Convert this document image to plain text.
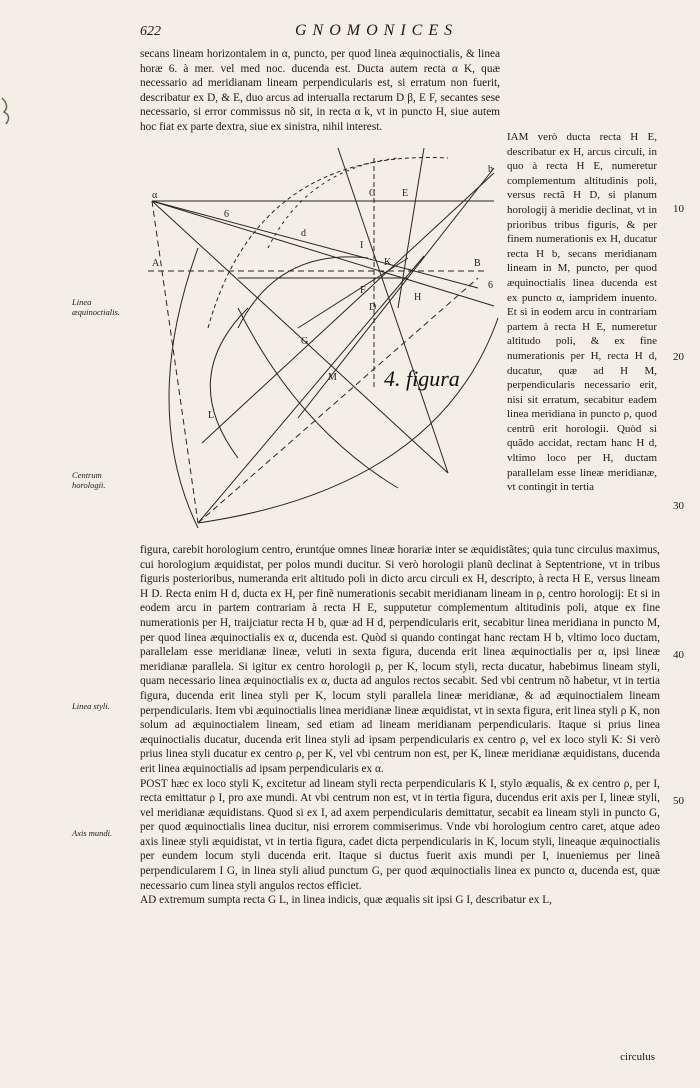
622	GNOMONICES
secans lineam horizontalem in α, puncto, per quod linea æquinoctialis, & linea horæ 6. à mer. vel med noc. ducenda est. Ducta autem recta α K, quæ necessario ad meridianam lineam perpendicularis est, si erratum non fuerit, describatur ex D, & E, duo arcus ad interualla rectarum D β, E F, secantes sese necessario, si error commissus nõ sit, in recta α k, vt in puncto H, siue autem hoc fiat ex parte dextra, siue ex sinistra, nihil interest.
α
A	B
C	E
D
F
H
K
G
M
L
I
b
d
6
6
4. figura
IAM verò ducta recta H E, describatur ex H, arcus circuli, in quo à recta H E, numeretur complementum altitudinis poli, versus rectã H D, si planum horologij à meridie declinat, vt in prioribus tribus figuris, & per finem numerationis ex H, ducatur recta H b, secans meridianam lineam in M, puncto, per quod æquinoctialis linea ducenda est ex puncto α, iampridem inuento. Et si in eodem arcu in contrariam partem à recta H E, numeretur altitudo poli, & ex fine numerationis per H, recta H d, ducatur, quæ ad H M, perpendicularis necessario erit, nisi sit erratum, secabitur eadem linea meridiana in puncto ρ, quod centrũ erit horologii. Quòd si quãdo accidat, rectam hanc H d, vltimo loco per H, ductam parallelam esse lineæ meridianæ, vt contingit in tertia
figura, carebit horologium centro, eruntq́ue omnes lineæ horariæ inter se æquidistãtes; quia tunc circulus maximus, cui horologium æquidistat, per polos mundi ducitur. Si verò horologii planũ declinat à Septentrione, vt in tribus figuris posterioribus, numeranda erit altitudo poli in dicto arcu circuli ex H, descripto, à recta H E, versus lineam H D. Recta enim H d, ducta ex H, per finẽ numerationis secabit meridianam lineam in ρ, centro horologij: Et si in eodem arcu in partem contrariam à recta H E, supputetur complementum altitudinis poli, atque ex fine numerationis per H, traijciatur recta H b, quæ ad H d, perpendicularis erit, secabitur linea meridiana in puncto M, per quod linea æquinoctialis ex α, ducenda est. Quòd si quando contingat hanc rectam H b, vltimo loco ductam, parallelam esse meridianæ lineæ, veluti in sexta figura, ducenda erit linea æquinoctialis per α, ipsi lineæ meridianæ parallela. Si igitur ex centro horologii ρ, per K, locum styli, recta ducatur, habebimus lineam styli, quam necessario linea æquinoctialis ex α, ducta ad angulos rectos secabit. Sed vbi centrum nõ habetur, vt in tertia figura, ducenda erit linea styli per K, locum styli parallela lineæ meridianæ, & ad æquinoctialem lineam perpendicularis. Item vbi æquinoctialis linea meridianæ lineæ æquidistat, vt in sexta figura, erit linea styli ρ K, non solum ad æquinoctialem lineam, sed etiam ad lineam meridianam perpendicularis. Itaque si prius linea æquinoctialis ducatur, ducenda erit linea styli ad ipsam perpendicularis ex centro ρ, vel ex loco styli K: Si verò prius linea styli ducatur ex centro ρ, per K, vel vbi centrum non est, per K, lineæ meridianæ æquidistans, ducenda erit linea æquinoctialis ad ipsam perpendicularis ex α.
POST hæc ex loco styli K, excitetur ad lineam styli recta perpendicularis K I, stylo æqualis, & ex centro ρ, per I, recta emittatur ρ I, pro axe mundi. At vbi centrum non est, vt in tertia figura, ducendus erit axis per I, lineæ styli, vel meridianæ æquidistans. Quod si ex I, ad axem perpendicularis demittatur, secabit ea lineam styli in puncto G, per quod æquinoctialis linea ducitur, nisi errorem commiserimus. Vnde vbi horologium centro caret, atque adeo axis lineæ styli æquidistat, vt in tertia figura, cadet dicta perpendicularis in K, locum styli, lineaque æquinoctialis per eundem locum styli ducenda erit. Itaque si ductus fuerit axis mundi per I, inueniemus per lineã perpendicularem I G, in linea styli aliud punctum G, per quod æquinoctialis linea ex puncto α, ducenda est, quæ necessario cum linea styli angulos rectos efficiet.
AD extremum sumpta recta G L, in linea indicis, quæ æqualis sit ipsi G I, describatur ex L,
circulus
Linea æquinoctialis.
Centrum horologii.
Linea styli.
Axis mundi.
10
20
30
40
50
